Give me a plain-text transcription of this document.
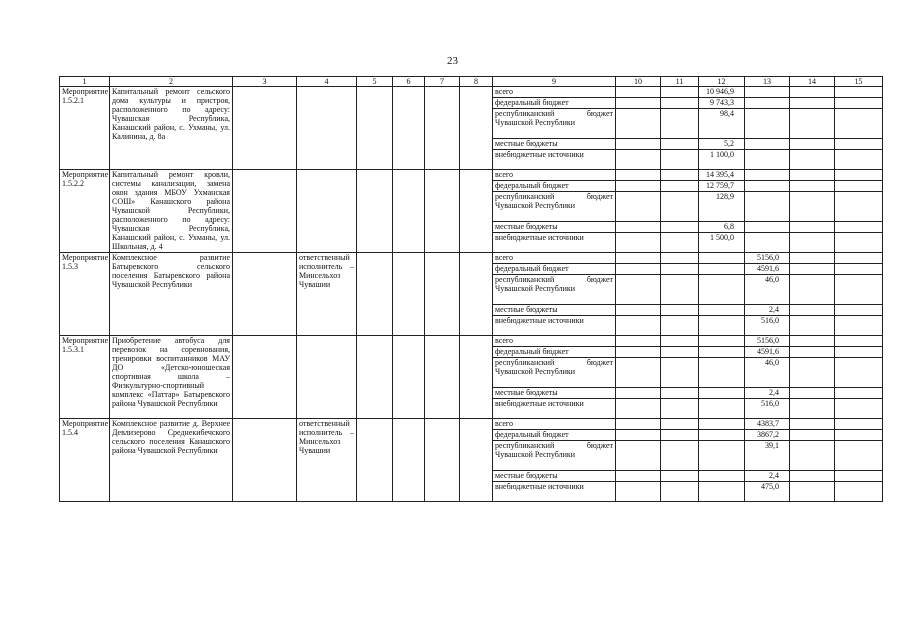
23
1	2	3	4	5	6	7	8	9	10	11	12	13	14	15
Мероприятие 1.5.2.1	Капитальный ремонт сельского дома культуры и пристроя, расположенного по адресу: Чувашская Республика, Канашский район, с. Ухманы, ул. Калинина, д. 8а							всего			10 946,9			
								федеральный бюджет			9 743,3			
								республиканский бюджет Чувашской Республики			98,4			
								местные бюджеты			5,2			
								внебюджетные источники			1 100,0			
Мероприятие 1.5.2.2	Капитальный ремонт кровли, системы канализации, замена окон здания МБОУ Ухманская СОШ» Канашского района Чувашской Республики, расположенного по адресу: Чувашская Республика, Канашский район, с. Ухманы, ул. Школьная, д. 4							всего			14 395,4			
								федеральный бюджет			12 759,7			
								республиканский бюджет Чувашской Республики			128,9			
								местные бюджеты			6,8			
								внебюджетные источники			1 500,0			
Мероприятие 1.5.3	Комплексное развитие Батыревского сельского поселения Батыревского района Чувашской Республики		ответственный исполнитель – Минсельхоз Чувашии					всего				5156,0		
								федеральный бюджет				4591,6		
								республиканский бюджет Чувашской Республики				46,0		
								местные бюджеты				2,4		
								внебюджетные источники				516,0		
Мероприятие 1.5.3.1	Приобретение автобуса для перевозок на соревнования, тренировки воспитанников МАУ ДО «Детско-юношеская спортивная школа – Физкультурно-спортивный комплекс «Паттар» Батыревского района Чувашской Республики							всего				5156,0		
								федеральный бюджет				4591,6		
								республиканский бюджет Чувашской Республики				46,0		
								местные бюджеты				2,4		
								внебюджетные источники				516,0		
Мероприятие 1.5.4	Комплексное развитие д. Верхнее Девлизерово Среднекибечского сельского поселения Канашского района Чувашской Республики		ответственный исполнитель – Минсельхоз Чувашии					всего				4383,7		
								федеральный бюджет				3867,2		
								республиканский бюджет Чувашской Республики				39,1		
								местные бюджеты				2,4		
								внебюджетные источники				475,0		
